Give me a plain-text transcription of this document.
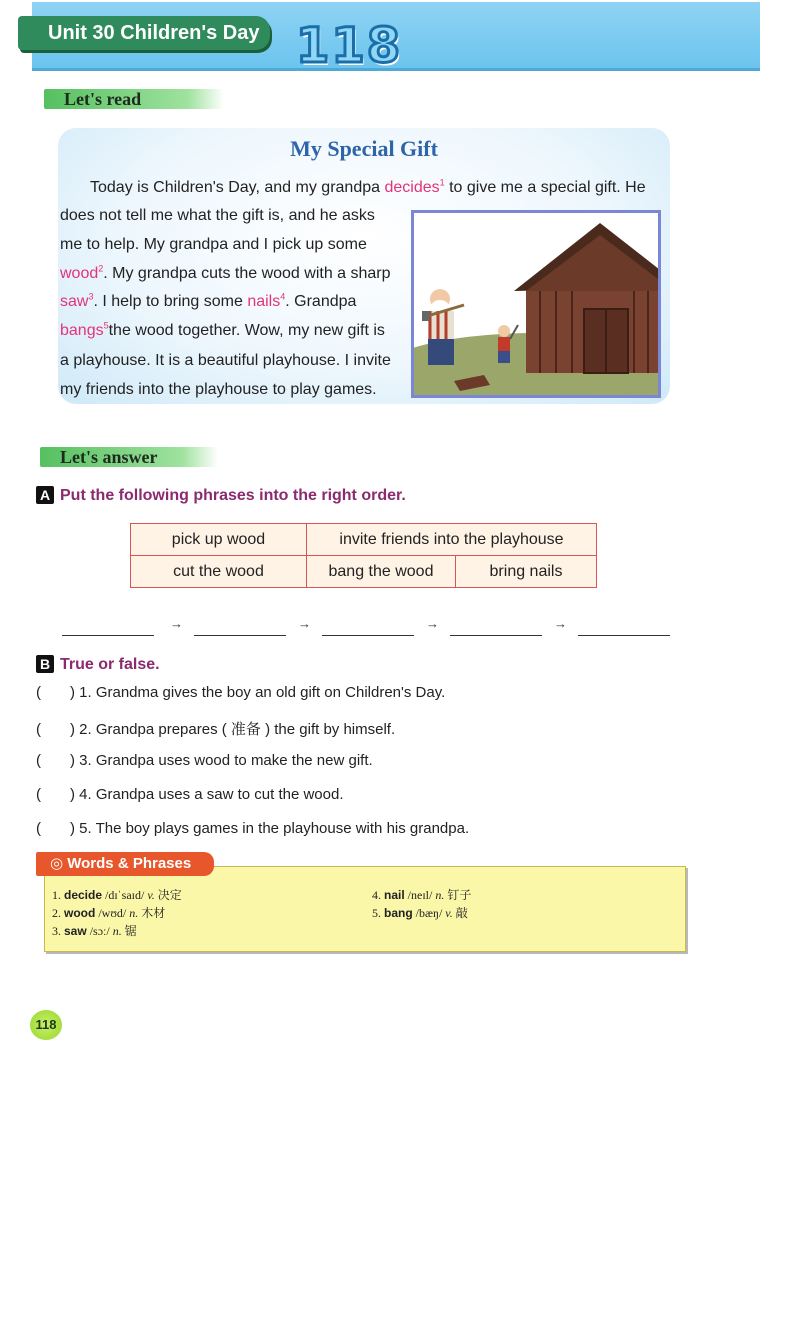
Unit 30 Children's Day 118
Let's read
My Special Gift
Today is Children's Day, and my grandpa decides$^1$ to give me a special gift. He
does not tell me what the gift is, and he asks
me to help. My grandpa and I pick up some
wood$^2$. My grandpa cuts the wood with a sharp
saw$^3$. I help to bring some nails$^4$. Grandpa
bangs$^5$the wood together. Wow, my new gift is
a playhouse. It is a beautiful playhouse. I invite
my friends into the playhouse to play games.
Let's answer
A Put the following phrases into the right order.
pick up wood	invite friends into the playhouse	
cut the wood	bang the wood	bring nails
→	→	→	→
B True or false.
( ) 1. Grandma gives the boy an old gift on Children's Day.
( ) 2. Grandpa prepares ( 准备 ) the gift by himself.
( ) 3. Grandpa uses wood to make the new gift.
( ) 4. Grandpa uses a saw to cut the wood.
( ) 5. The boy plays games in the playhouse with his grandpa.
◎ Words & Phrases
1. decide /dɪˈsaɪd/ v. 决定
2. wood /wʊd/ n. 木材
3. saw /sɔː/ n. 锯
4. nail /neɪl/ n. 钉子
5. bang /bæŋ/ v. 敲
118
